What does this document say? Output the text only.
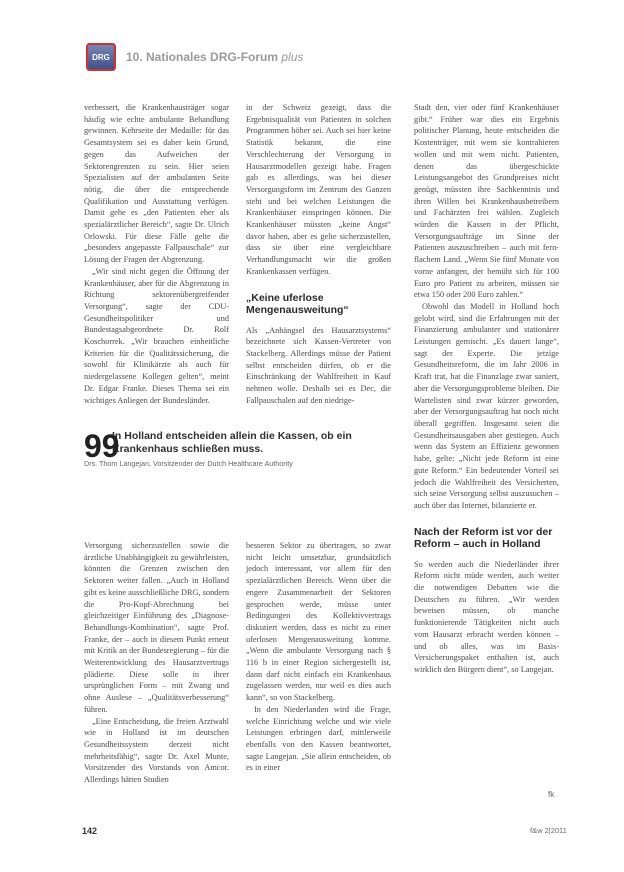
DRG 10. Nationales DRG-Forum plus

verbessert, die Krankenhausträger sogar häufig wie echte ambulante Behandlung gewinnen. Kehrseite der Medaille: für das Gesamtsystem sei es daher kein Grund, gegen das Aufweichen der Sektorengrenzen zu sein. Hier seien Spezialisten auf der ambulanten Seite nötig, die über die entsprechende Qualifikation und Ausstattung verfügen. Damit gehe es „den Patienten eher als spezialärztlicher Bereich“, sagte Dr. Ulrich Orlowski. Für diese Fälle gelte die „besonders angepasste Fallpauschale“ zur Lösung der Fragen der Abgrenzung.

„Wir sind nicht gegen die Öffnung der Krankenhäuser, aber für die Abgrenzung in Richtung sektorenübergreifender Versorgung“, sagte der CDU-Gesundheitspolitiker und Bundestagsabgeordnete Dr. Rolf Koschorrek. „Wir brauchen einheitliche Kriterien für die Qualitätssicherung, die sowohl für Klinikärzte als auch für niedergelassene Kollegen gelten“, meint Dr. Edgar Franke. Dieses Thema sei ein wichtiges Anliegen der Bundesländer.

in der Schweiz gezeigt, dass die Ergebnisqualität von Patienten in solchen Programmen höher sei. Auch sei hier keine Statistik bekannt, die eine Verschlechterung der Versorgung in Hausarztmodellen gezeigt habe. Fragen gab es allerdings, was bei dieser Versorgungsform im Zentrum des Ganzen steht und bei welchen Leistungen die Krankenhäuser einspringen können. Die Krankenhäuser müssten „keine Angst“ davor haben, aber es gelte sicherzustellen, dass sie über eine vergleichbare Verhandlungsmacht wie die großen Krankenkassen verfügen.

„Keine uferlose Mengenausweitung“

Als „Anhängsel des Hausarztsystems“ bezeichnete sich Kassen-Vertreter von Stackelberg. Allerdings müsse der Patient selbst entscheiden dürfen, ob er die Einschränkung der Wahlfreiheit in Kauf nehmen wolle. Deshalb sei es Dec, die Fallpauschalen auf den niedrige-

Stadt den, vier oder fünf Krankenhäuser gibt.“ Früher war dies ein Ergebnis politischer Planung, heute entscheiden die Kostenträger, mit wem sie kontrahieren wollen und mit wem nicht. Patienten, denen das übergeschickte Leistungsangebot des Grundpreises nicht genügt, müssten ihre Sachkenntnis und ihren Willen bei Krankenhausbetreibern und Fachärzten frei wählen. Zugleich würden die Kassen in der Pflicht, Versorgungsaufträge im Sinne der Patienten auszuschreiben – auch mit fern-flachem Land. „Wenn Sie fünf Monate von vorne anfangen, der bemüht sich für 100 Euro pro Patient zu arbeiten, müssen sie etwa 150 oder 200 Euro zahlen.“

Obwohl das Modell in Holland hoch gelobt wird, sind die Erfahrungen mit der Finanzierung ambulanter und stationärer Leistungen gemischt. „Es dauert lange“, sagt der Experte. Die jetzige Gesundheitsreform, die im Jahr 2006 in Kraft trat, hat die Finanzlage zwar saniert, aber die Versorgungsprobleme bleiben. Die Wartelisten sind zwar kürzer geworden, aber der Versorgungsauftrag hat noch nicht überall gegriffen. Insgesamt seien die Gesundheitsausgaben aber gestiegen. Auch wenn das System an Effizienz gewonnen habe, gelte: „Nicht jede Reform ist eine gute Reform.“ Ein bedeutender Vorteil sei jedoch die Wahlfreiheit des Versicherten, sich seine Versorgung selbst auszusuchen – auch über das Internet, bilanzierte er.

Nach der Reform ist vor der Reform – auch in Holland

So werden auch die Niederländer ihrer Reform nicht müde werden, auch weiter die notwendigen Debatten wie die Deutschen zu führen. „Wir werden beweisen müssen, ob manche funktionierende Tätigkeiten nicht auch vom Hausarzt erbracht werden können – und ob alles, was im Basis-Versicherungspaket enthalten ist, auch wirklich den Bürgern dient“, so Langejan.

99
In Holland entscheiden allein die Kassen, ob ein Krankenhaus schließen muss.
Drs. Thom Langejan, Vorsitzender der Dutch Healthcare Authority

Versorgung sicherzustellen sowie die ärztliche Unabhängigkeit zu gewährleisten, könnten die Grenzen zwischen den Sektoren weiter fallen. „Auch in Holland gibt es keine ausschließliche DRG, sondern die Pro-Kopf-Abrechnung bei gleichzeitiger Einführung des „Diagnose-Behandlungs-Kombination“, sagte Prof. Franke, der – auch in diesem Punkt erneut mit Kritik an der Bundesregierung – für die Weiterentwicklung des Hausarztvertrags plädierte. Diese solle in ihrer ursprünglichen Form – mit Zwang und ohne Auslese – „Qualitätsverbesserung“ führen.

„Eine Entscheidung, die freien Arztwahl wie in Holland ist im deutschen Gesundheitssystem derzeit nicht mehrheitsfähig“, sagte Dr. Axel Munte, Vorsitzender des Vorstands von Amcor. Allerdings hätten Studien

besseren Sektor zu übertragen, so zwar nicht leicht umsetzbar, grundsätzlich jedoch interessant, vor allem für den spezialärztlichen Bereich. Wenn über die engere Zusammenarbeit der Sektoren gesprochen werde, müsse unter Bedingungen des Kollektivvertrags diskutiert werden, dass es nicht zu einer uferlosen Mengenausweitung komme. „Wenn die ambulante Versorgung nach § 116 b in einer Region sichergestellt ist, dann darf nicht einfach ein Krankenhaus zugelassen werden, nur weil es dies auch kann“, so von Stackelberg.

In den Niederlanden wird die Frage, welche Einrichtung welche und wie viele Leistungen erbringen darf, mittlerweile ebenfalls von den Kassen beantwortet, sagte Langejan. „Sie allein entscheiden, ob es in einer

fk
142	f&w 2|2011
